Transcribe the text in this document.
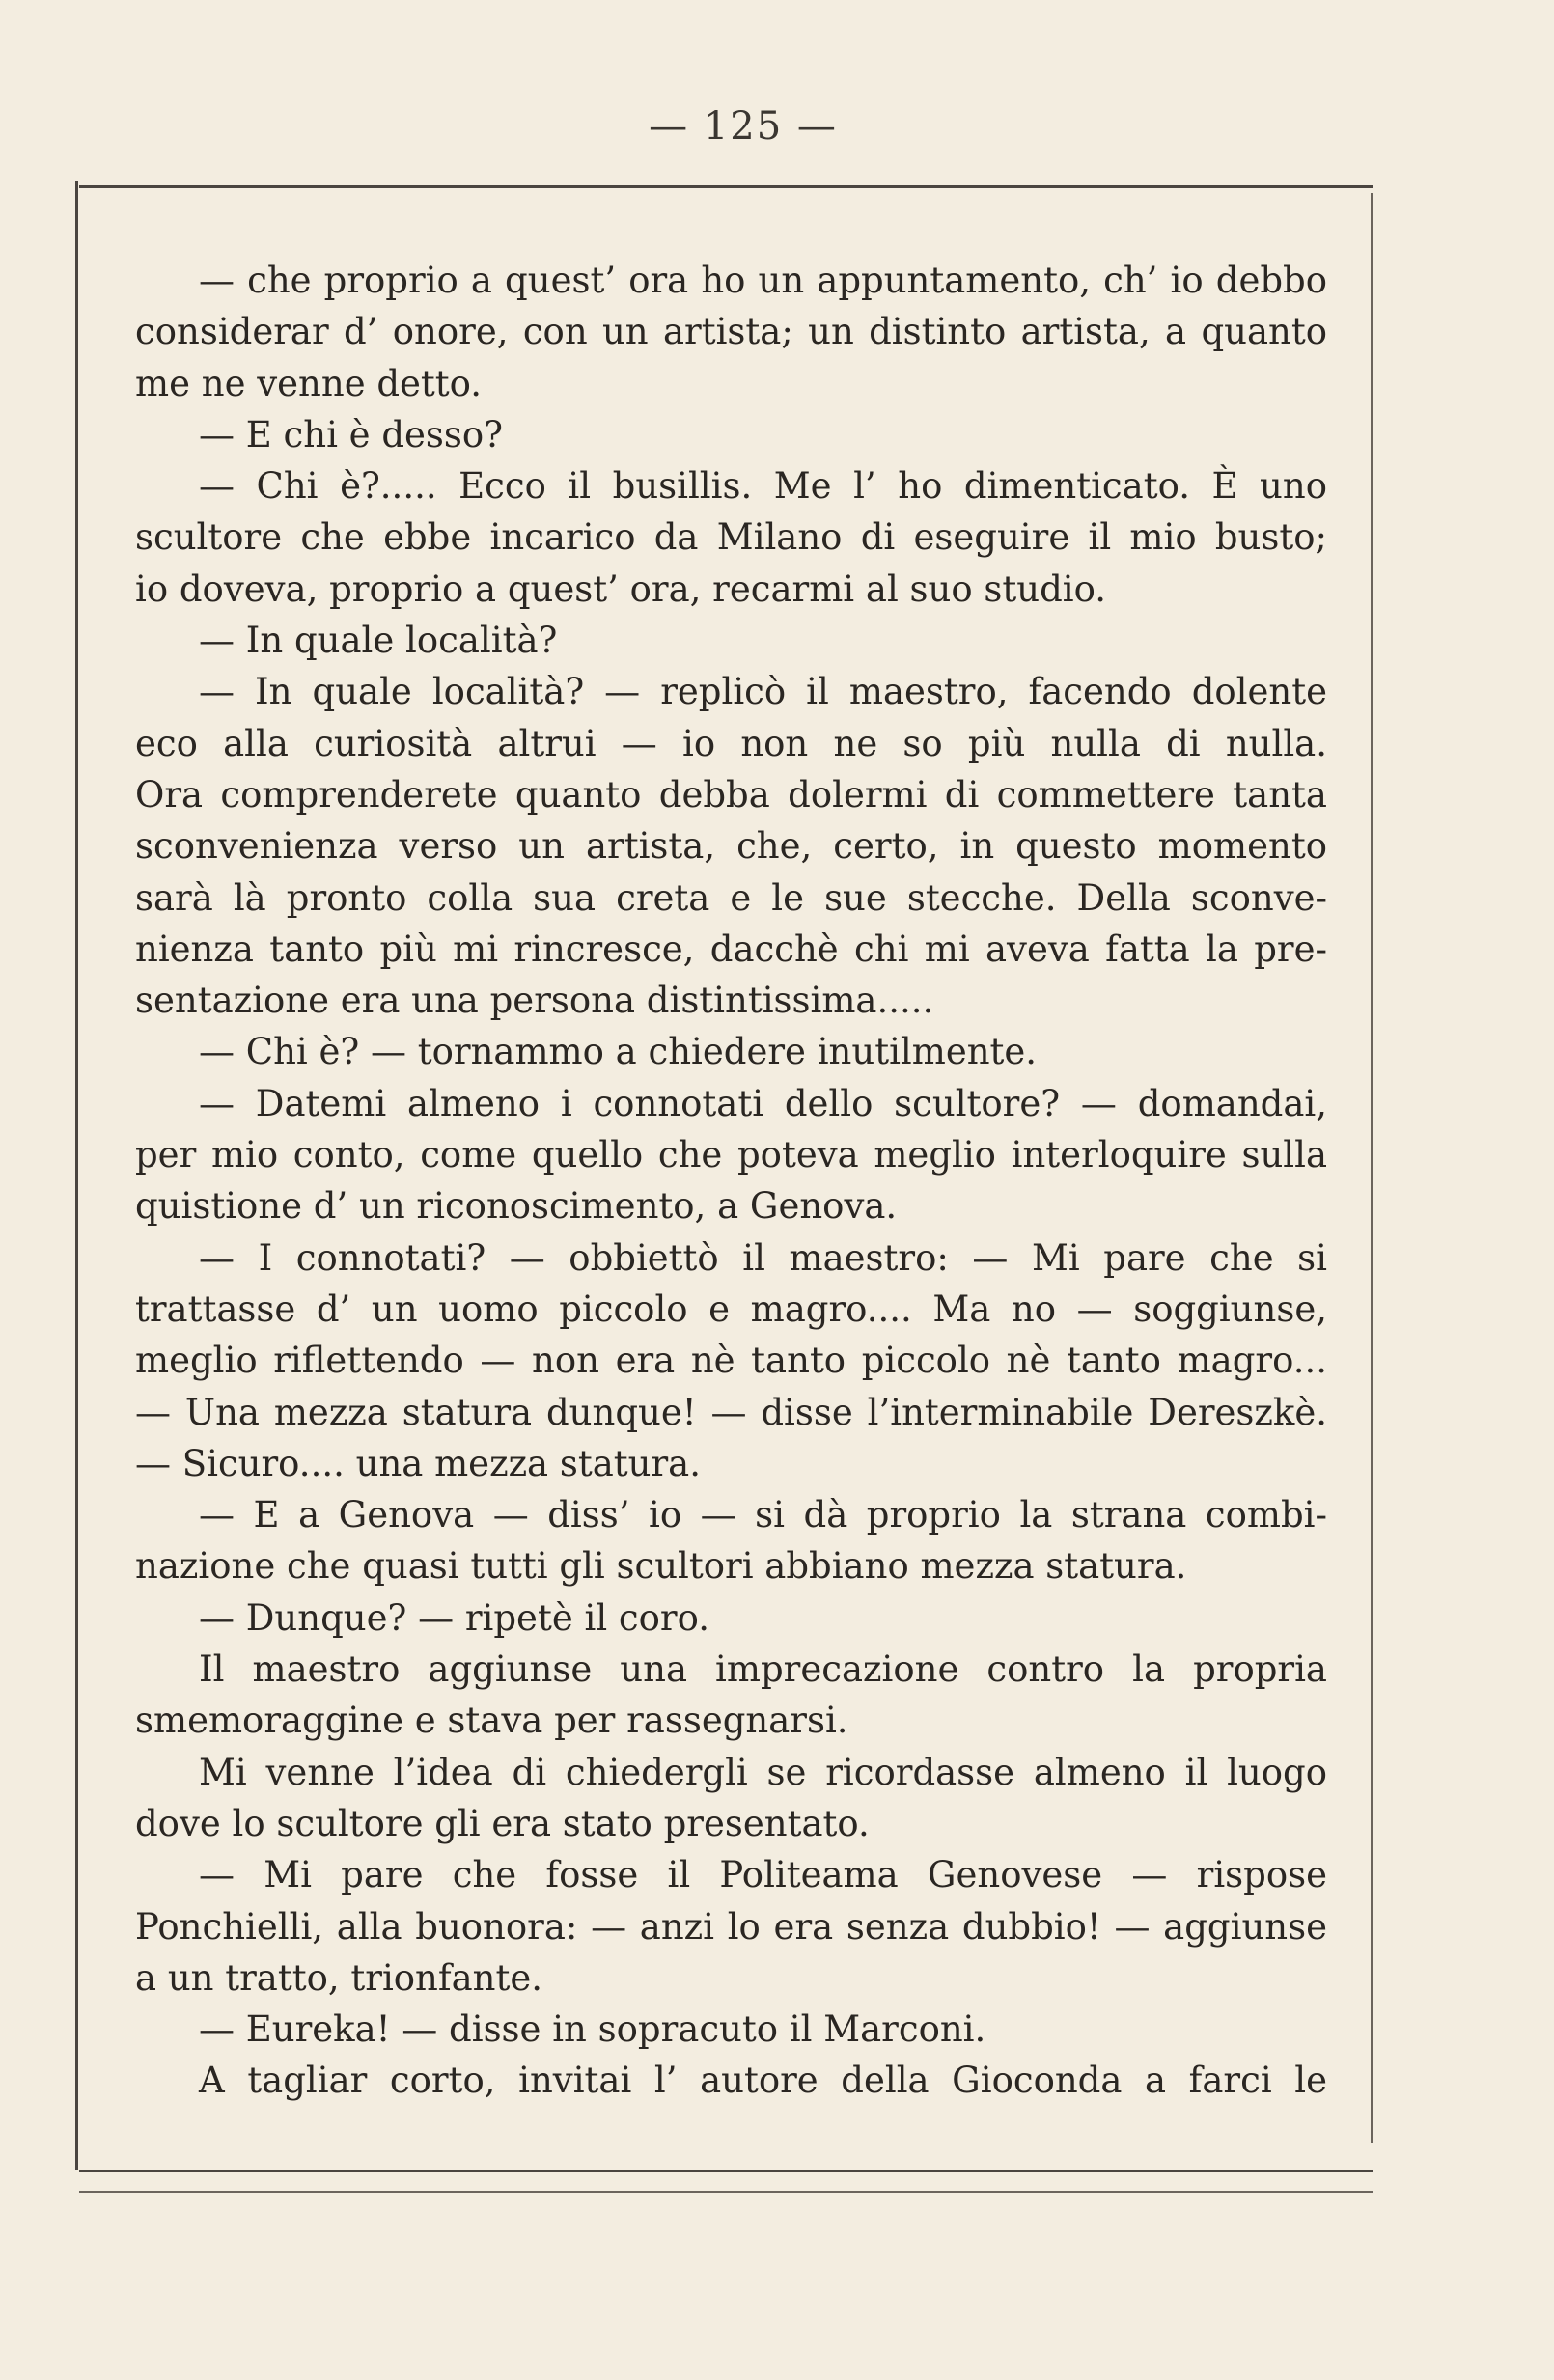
— 125 —
— che proprio a quest’ ora ho un appuntamento, ch’ io debbo
considerar d’ onore, con un artista; un distinto artista, a quanto
me ne venne detto.
— E chi è desso?
— Chi è?..... Ecco il busillis. Me l’ ho dimenticato. È uno
scultore che ebbe incarico da Milano di eseguire il mio busto;
io doveva, proprio a quest’ ora, recarmi al suo studio.
— In quale località?
— In quale località? — replicò il maestro, facendo dolente
eco alla curiosità altrui — io non ne so più nulla di nulla.
Ora comprenderete quanto debba dolermi di commettere tanta
sconvenienza verso un artista, che, certo, in questo momento
sarà là pronto colla sua creta e le sue stecche. Della sconve-
nienza tanto più mi rincresce, dacchè chi mi aveva fatta la pre-
sentazione era una persona distintissima.....
— Chi è? — tornammo a chiedere inutilmente.
— Datemi almeno i connotati dello scultore? — domandai,
per mio conto, come quello che poteva meglio interloquire sulla
quistione d’ un riconoscimento, a Genova.
— I connotati? — obbiettò il maestro: — Mi pare che si
trattasse d’ un uomo piccolo e magro.... Ma no — soggiunse,
meglio riflettendo — non era nè tanto piccolo nè tanto magro...
— Una mezza statura dunque! — disse l’interminabile Dereszkè.
— Sicuro.... una mezza statura.
— E a Genova — diss’ io — si dà proprio la strana combi-
nazione che quasi tutti gli scultori abbiano mezza statura.
— Dunque? — ripetè il coro.
Il maestro aggiunse una imprecazione contro la propria
smemoraggine e stava per rassegnarsi.
Mi venne l’idea di chiedergli se ricordasse almeno il luogo
dove lo scultore gli era stato presentato.
— Mi pare che fosse il Politeama Genovese — rispose
Ponchielli, alla buonora: — anzi lo era senza dubbio! — aggiunse
a un tratto, trionfante.
— Eureka! — disse in sopracuto il Marconi.
A tagliar corto, invitai l’ autore della Gioconda a farci le
